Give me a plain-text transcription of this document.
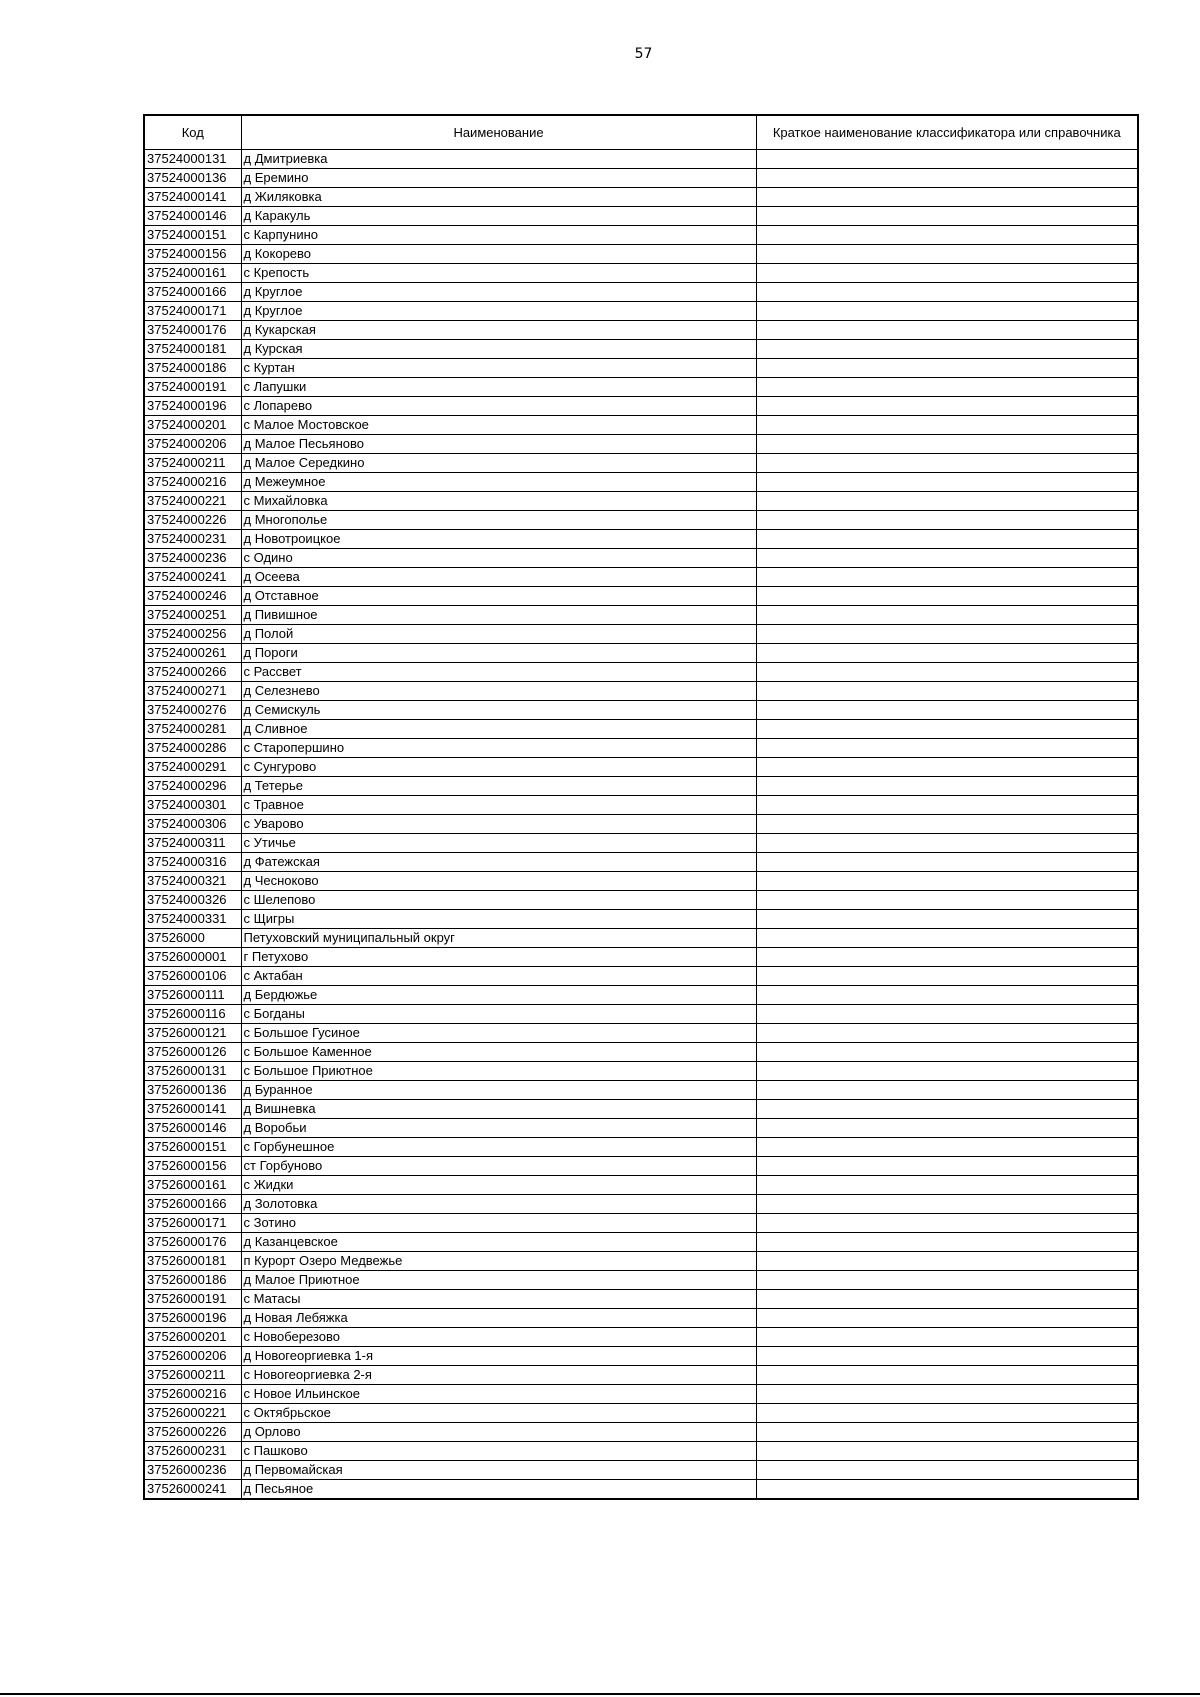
57
Код	Наименование	Краткое наименование классификатора или справочника
37524000131	д Дмитриевка	
37524000136	д Еремино	
37524000141	д Жиляковка	
37524000146	д Каракуль	
37524000151	с Карпунино	
37524000156	д Кокорево	
37524000161	с Крепость	
37524000166	д Круглое	
37524000171	д Круглое	
37524000176	д Кукарская	
37524000181	д Курская	
37524000186	с Куртан	
37524000191	с Лапушки	
37524000196	с Лопарево	
37524000201	с Малое Мостовское	
37524000206	д Малое Песьяново	
37524000211	д Малое Середкино	
37524000216	д Межеумное	
37524000221	с Михайловка	
37524000226	д Многополье	
37524000231	д Новотроицкое	
37524000236	с Одино	
37524000241	д Осеева	
37524000246	д Отставное	
37524000251	д Пивишное	
37524000256	д Полой	
37524000261	д Пороги	
37524000266	с Рассвет	
37524000271	д Селезнево	
37524000276	д Семискуль	
37524000281	д Сливное	
37524000286	с Старопершино	
37524000291	с Сунгурово	
37524000296	д Тетерье	
37524000301	с Травное	
37524000306	с Уварово	
37524000311	с Утичье	
37524000316	д Фатежская	
37524000321	д Чесноково	
37524000326	с Шелепово	
37524000331	с Щигры	
37526000	Петуховский муниципальный округ	
37526000001	г Петухово	
37526000106	с Актабан	
37526000111	д Бердюжье	
37526000116	с Богданы	
37526000121	с Большое Гусиное	
37526000126	с Большое Каменное	
37526000131	с Большое Приютное	
37526000136	д Буранное	
37526000141	д Вишневка	
37526000146	д Воробьи	
37526000151	с Горбунешное	
37526000156	ст Горбуново	
37526000161	с Жидки	
37526000166	д Золотовка	
37526000171	с Зотино	
37526000176	д Казанцевское	
37526000181	п Курорт Озеро Медвежье	
37526000186	д Малое Приютное	
37526000191	с Матасы	
37526000196	д Новая Лебяжка	
37526000201	с Новоберезово	
37526000206	д Новогеоргиевка 1-я	
37526000211	с Новогеоргиевка 2-я	
37526000216	с Новое Ильинское	
37526000221	с Октябрьское	
37526000226	д Орлово	
37526000231	с Пашково	
37526000236	д Первомайская	
37526000241	д Песьяное	
